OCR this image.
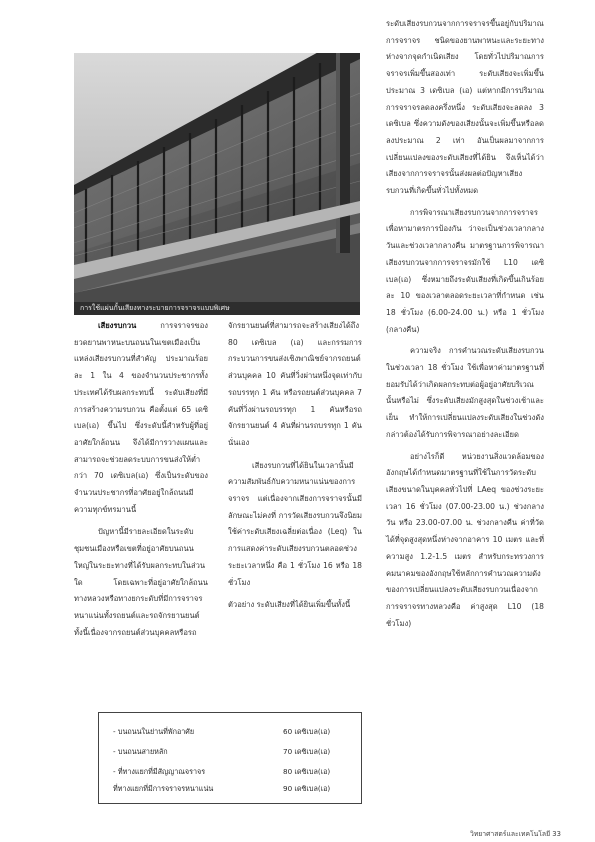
การใช้แผ่นกั้นเสียงทางระบายการจราจรแบบพิเศษ

เสียงรบกวน	การจราจรของยวดยานพาหนะบนถนนในเขตเมืองเป็นแหล่งเสียงรบกวนที่สำคัญ ประมาณร้อยละ 1 ใน 4 ของจำนวนประชากรทั้งประเทศได้รับผลกระทบนี้ ระดับเสียงที่มีการสร้างความรบกวน คือตั้งแต่ 65 เดซิเบล(เอ) ขึ้นไป ซึ่งระดับนี้สำหรับผู้ที่อยู่อาศัยใกล้ถนน จึงได้มีการวางแผนและสามารถจะช่วยลดระบบการขนส่งให้ต่ำกว่า 70 เดซิเบล(เอ) ซึ่งเป็นระดับของจำนวนประชากรที่อาศัยอยู่ใกล้ถนนมีความทุกข์ทรมานนี้

ปัญหานี้มีรายละเอียดในระดับชุมชนเมืองหรือเขตที่อยู่อาศัยบนถนนใหญ่ในระยะทางที่ได้รับผลกระทบในส่วนใด โดยเฉพาะที่อยู่อาศัยใกล้ถนนทางหลวงหรือทางยกระดับที่มีการจราจรหนาแน่นทั้งรถยนต์และรถจักรยานยนต์ ทั้งนี้เนื่องจากรถยนต์ส่วนบุคคลหรือรถ

จักรยานยนต์ที่สามารถจะสร้างเสียงได้ถึง 80 เดซิเบล (เอ) และกรรมการกระบวนการขนส่งเชิงพาณิชย์จากรถยนต์ส่วนบุคคล 10 คันที่วิ่งผ่านหนึ่งจุดเท่ากับรถบรรทุก 1 คัน หรือรถยนต์ส่วนบุคคล 7 คันที่วิ่งผ่านรถบรรทุก 1 คันหรือรถจักรยานยนต์ 4 คันที่ผ่านรถบรรทุก 1 คันนั่นเอง

เสียงรบกวนที่ได้ยินในเวลานั้นมีความสัมพันธ์กับความหนาแน่นของการจราจร แต่เนื่องจากเสียงการจราจรนั้นมีลักษณะไม่คงที่ การวัดเสียงรบกวนจึงนิยมใช้ค่าระดับเสียงเฉลี่ยต่อเนื่อง (Leq) ในการแสดงค่าระดับเสียงรบกวนตลอดช่วงระยะเวลาหนึ่ง คือ 1 ชั่วโมง 16 หรือ 18 ชั่วโมง

ตัวอย่าง ระดับเสียงที่ได้ยินเพิ่มขึ้นทั้งนี้

ระดับเสียงรบกวนจากการจราจรขึ้นอยู่กับปริมาณการจราจร ชนิดของยานพาหนะและระยะทางห่างจากจุดกำเนิดเสียง โดยทั่วไปปริมาณการจราจรเพิ่มขึ้นสองเท่า ระดับเสียงจะเพิ่มขึ้นประมาณ 3 เดซิเบล (เอ) แต่หากมีการปริมาณการจราจรลดลงครึ่งหนึ่ง ระดับเสียงจะลดลง 3 เดซิเบล ซึ่งความดังของเสียงนั้นจะเพิ่มขึ้นหรือลดลงประมาณ 2 เท่า อันเป็นผลมาจากการเปลี่ยนแปลงของระดับเสียงที่ได้ยิน จึงเห็นได้ว่า เสียงจากการจราจรนั้นส่งผลต่อปัญหาเสียงรบกวนที่เกิดขึ้นทั่วไปทั้งหมด

การพิจารณาเสียงรบกวนจากการจราจรเพื่อหามาตรการป้องกัน ว่าจะเป็นช่วงเวลากลางวันและช่วงเวลากลางคืน มาตรฐานการพิจารณาเสียงรบกวนจากการจราจรมักใช้ L10 เดซิเบล(เอ) ซึ่งหมายถึงระดับเสียงที่เกิดขึ้นเกินร้อยละ 10 ของเวลาตลอดระยะเวลาที่กำหนด เช่น 18 ชั่วโมง (6.00-24.00 น.) หรือ 1 ชั่วโมง (กลางคืน)

ความจริง การคำนวณระดับเสียงรบกวนในช่วงเวลา 18 ชั่วโมง ใช้เพื่อหาค่ามาตรฐานที่ยอมรับได้ว่าเกิดผลกระทบต่อผู้อยู่อาศัยบริเวณนั้นหรือไม่ ซึ่งระดับเสียงมักสูงสุดในช่วงเช้าและเย็น ทำให้การเปลี่ยนแปลงระดับเสียงในช่วงดังกล่าวต้องได้รับการพิจารณาอย่างละเอียด

อย่างไรก็ดี หน่วยงานสิ่งแวดล้อมของอังกฤษได้กำหนดมาตรฐานที่ใช้ในการวัดระดับเสียงขนาดในบุคคลทั่วไปที่ LAeq ของช่วงระยะเวลา 16 ชั่วโมง (07.00-23.00 น.) ช่วงกลางวัน หรือ 23.00-07.00 น. ช่วงกลางคืน ค่าที่วัดได้ที่จุดสูงสุดหนึ่งห่างจากอาคาร 10 เมตร และที่ความสูง 1.2-1.5 เมตร สำหรับกระทรวงการคมนาคมของอังกฤษใช้หลักการคำนวณความดังของการเปลี่ยนแปลงระดับเสียงรบกวนเนื่องจากการจราจรทางหลวงคือ ค่าสูงสุด L10 (18 ชั่วโมง)

- บนถนนในย่านที่พักอาศัย	60 เดซิเบล(เอ)
- บนถนนสายหลัก	70 เดซิเบล(เอ)
- ที่ทางแยกที่มีสัญญาณจราจร	80 เดซิเบล(เอ)
ที่ทางแยกที่มีการจราจรหนาแน่น	90 เดซิเบล(เอ)
วิทยาศาสตร์และเทคโนโลยี 33
